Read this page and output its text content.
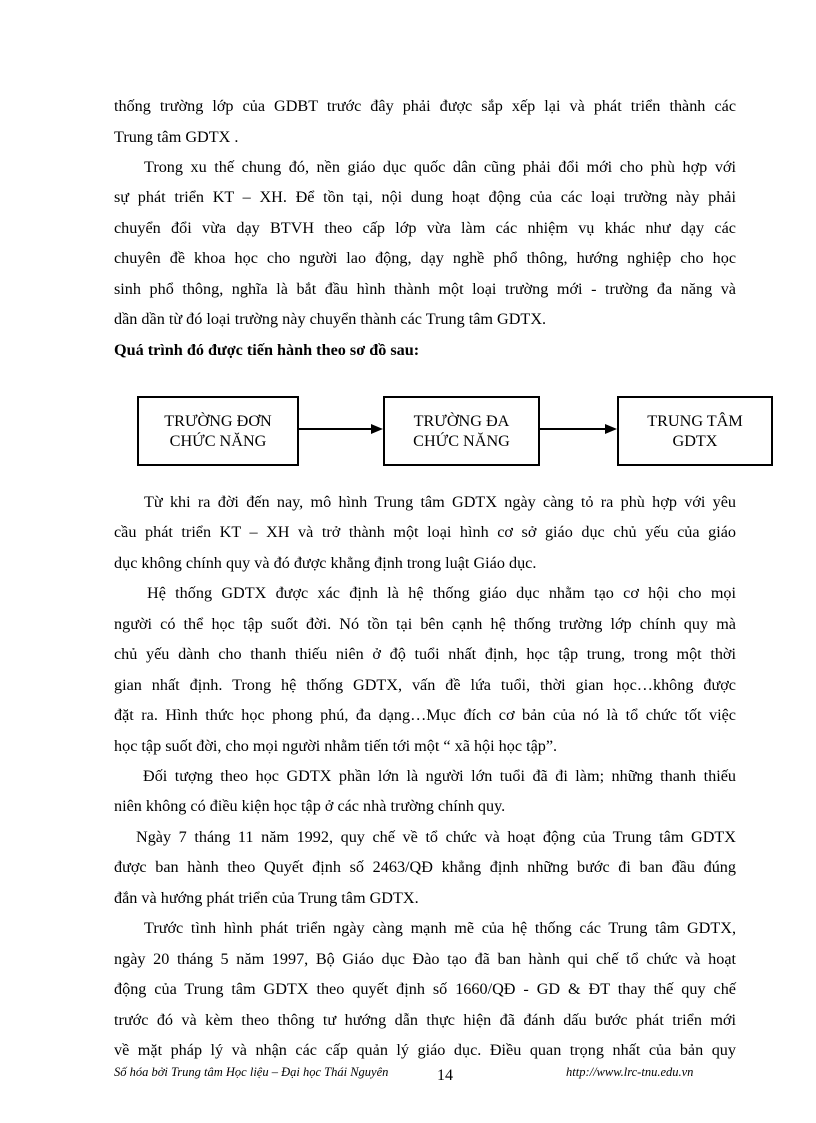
thống trường lớp của GDBT trước đây phải được sắp xếp lại và phát triển thành các
Trung tâm GDTX .
Trong xu thế chung đó, nền giáo dục quốc dân cũng phải đổi mới cho phù hợp với
sự phát triển KT – XH. Để tồn tại, nội dung hoạt động của các loại trường này phải
chuyển đổi vừa dạy BTVH theo cấp lớp vừa làm các nhiệm vụ khác như dạy các
chuyên đề khoa học cho người lao động, dạy nghề phổ thông, hướng nghiệp cho học
sinh phổ thông, nghĩa là bắt đầu hình thành một loại trường mới - trường đa năng và
dần dần từ đó loại trường này chuyển thành các Trung tâm GDTX.
Quá trình đó được tiến hành theo sơ đồ sau:
TRƯỜNG ĐƠN
CHỨC NĂNG
TRƯỜNG ĐA
CHỨC NĂNG
TRUNG TÂM
GDTX
Từ khi ra đời đến nay, mô hình Trung tâm GDTX ngày càng tỏ ra phù hợp với yêu
cầu phát triển KT – XH và trở thành một loại hình cơ sở giáo dục chủ yếu của giáo
dục không chính quy và đó được khẳng định trong luật Giáo dục.
Hệ thống GDTX được xác định là hệ thống giáo dục nhằm tạo cơ hội cho mọi
người có thể học tập suốt đời. Nó tồn tại bên cạnh hệ thống trường lớp chính quy mà
chủ yếu dành cho thanh thiếu niên ở độ tuổi nhất định, học tập trung, trong một thời
gian nhất định. Trong hệ thống GDTX, vấn đề lứa tuổi, thời gian học…không được
đặt ra. Hình thức học phong phú, đa dạng…Mục đích cơ bản của nó là tổ chức tốt việc
học tập suốt đời, cho mọi người nhằm tiến tới một “ xã hội học tập”.
Đối tượng theo học GDTX phần lớn là người lớn tuổi đã đi làm; những thanh thiếu
niên không có điều kiện học tập ở các nhà trường chính quy.
Ngày 7 tháng 11 năm 1992, quy chế về tổ chức và hoạt động của Trung tâm GDTX
được ban hành theo Quyết định số 2463/QĐ khẳng định những bước đi ban đầu đúng
đắn và hướng phát triển của Trung tâm GDTX.
Trước tình hình phát triển ngày càng mạnh mẽ của hệ thống các Trung tâm GDTX,
ngày 20 tháng 5 năm 1997, Bộ Giáo dục Đào tạo đã ban hành qui chế tổ chức và hoạt
động của Trung tâm GDTX theo quyết định số 1660/QĐ - GD & ĐT thay thế quy chế
trước đó và kèm theo thông tư hướng dẫn thực hiện đã đánh dấu bước phát triển mới
về mặt pháp lý và nhận các cấp quản lý giáo dục. Điều quan trọng nhất của bản quy
Số hóa bởi Trung tâm Học liệu – Đại học Thái Nguyên	14	http://www.lrc-tnu.edu.vn
